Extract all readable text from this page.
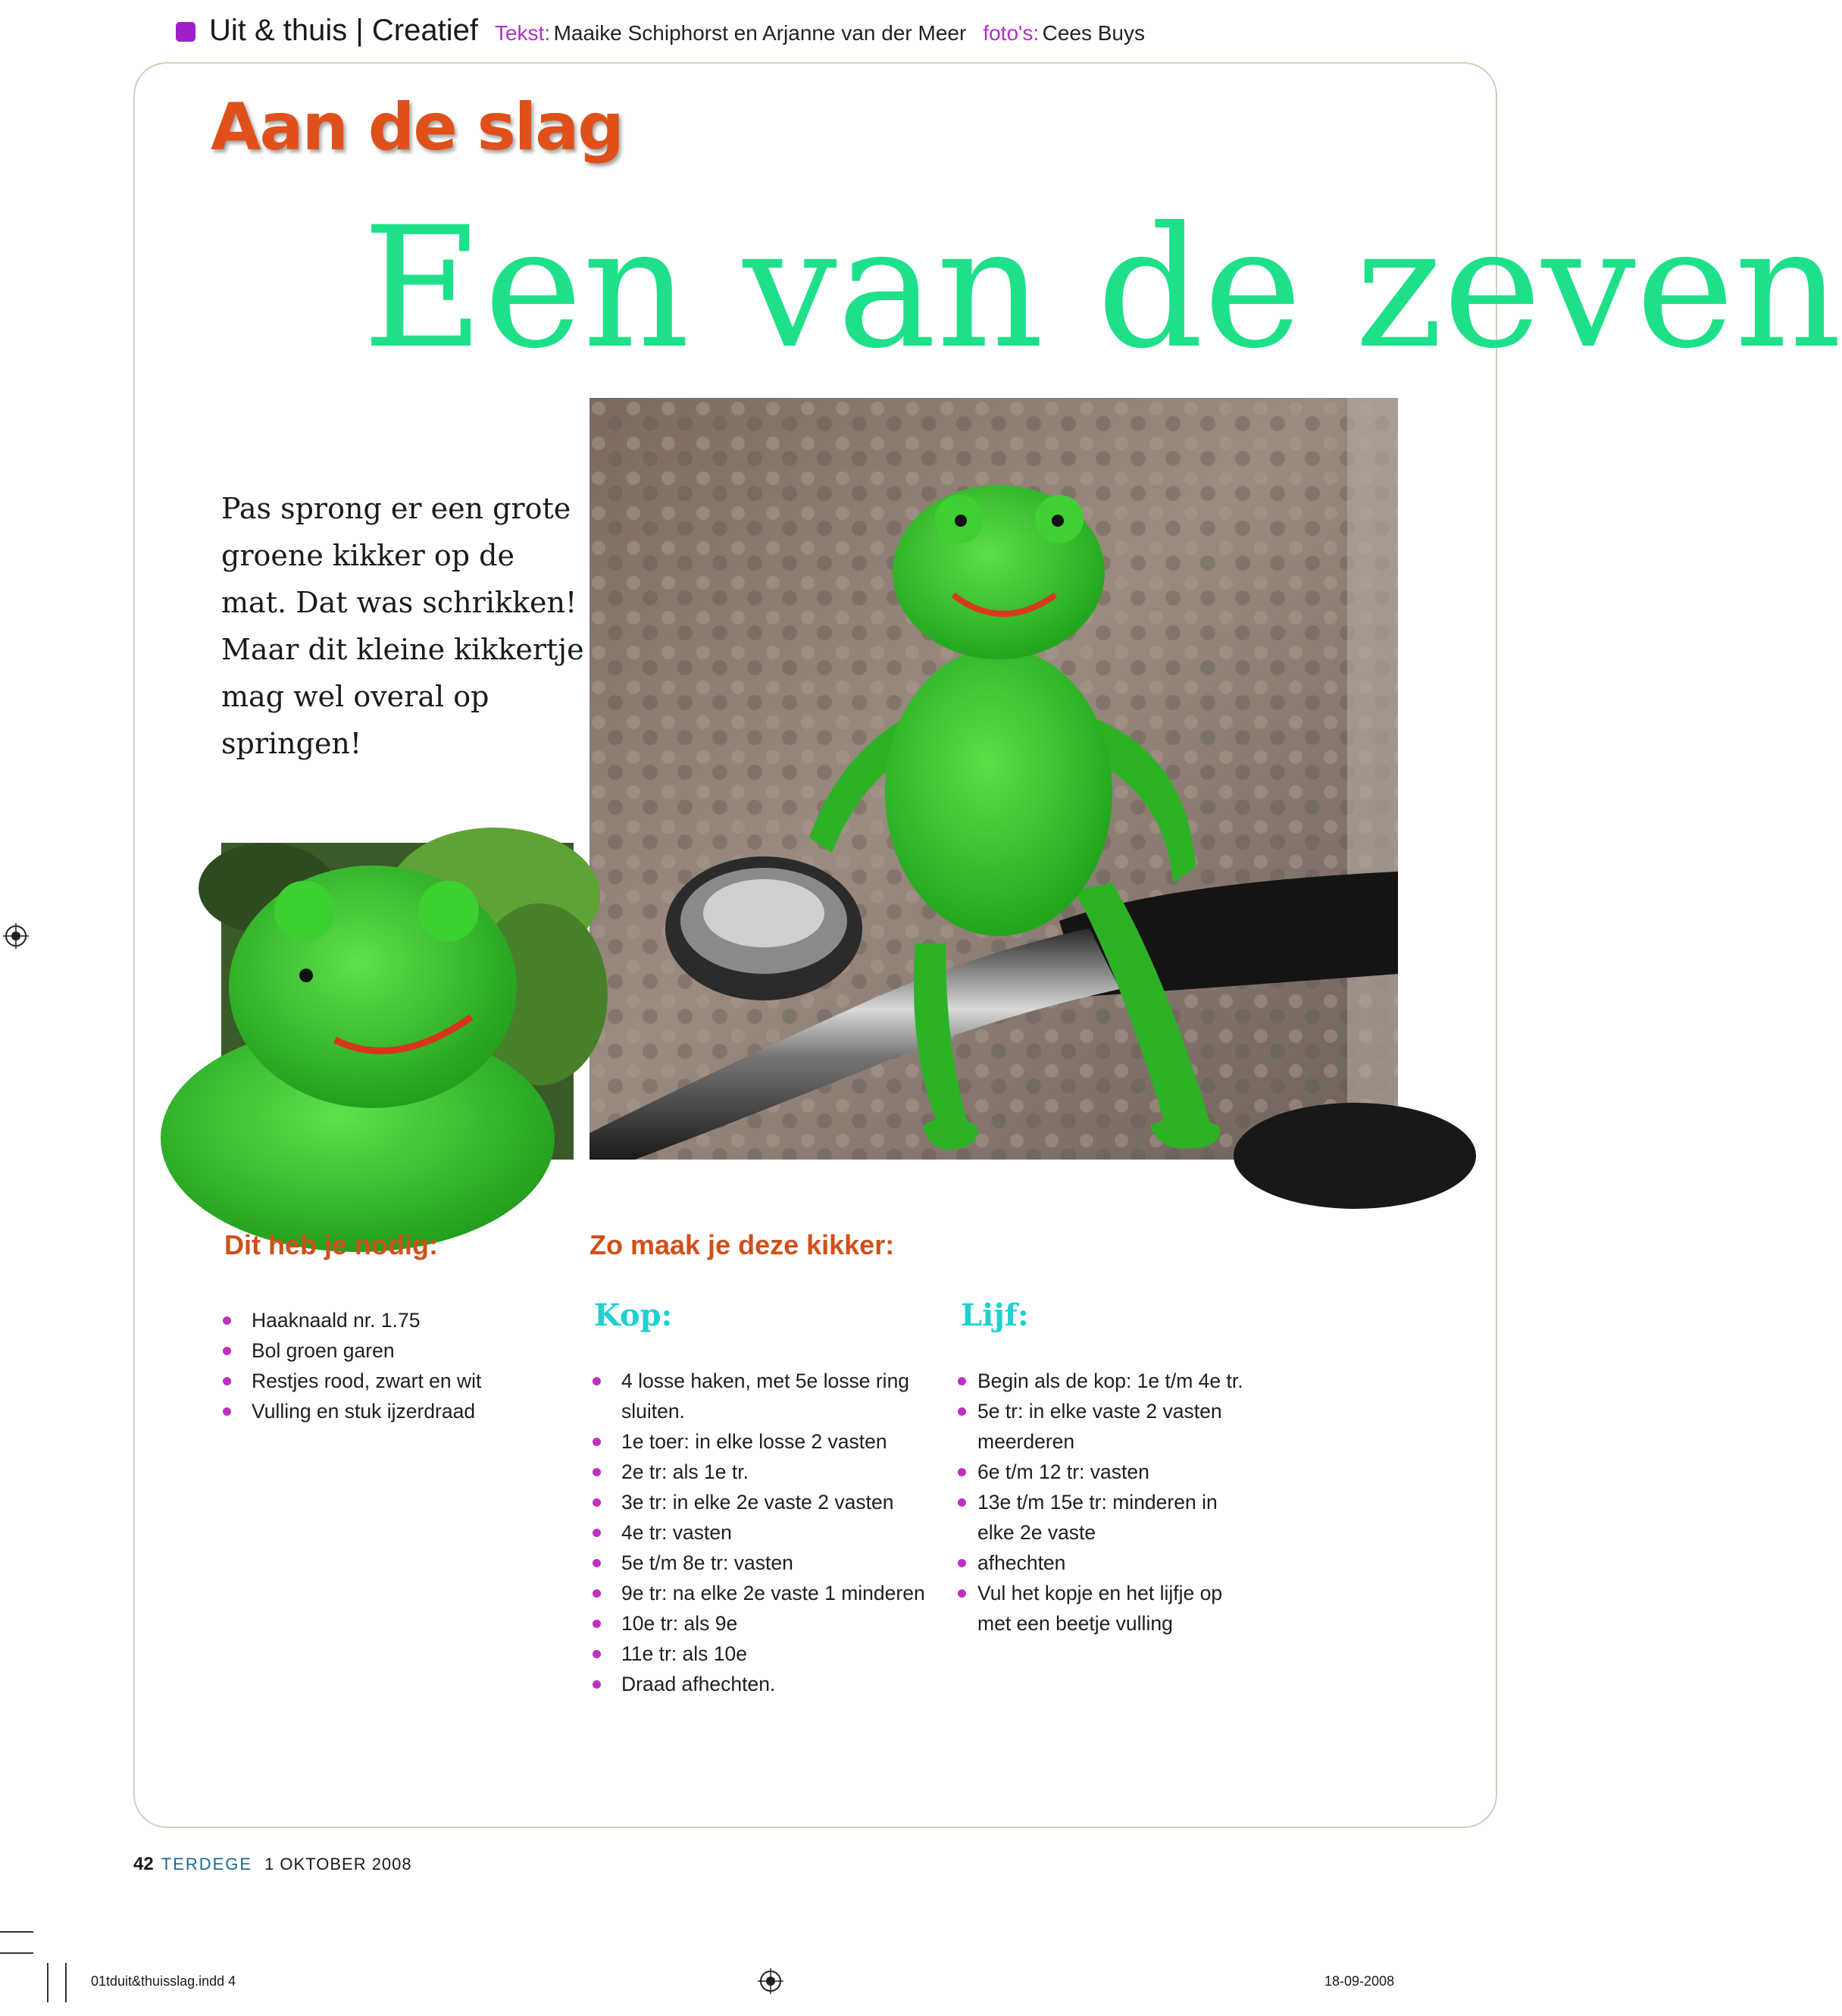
Uit & thuis | Creatief Tekst: Maaike Schiphorst en Arjanne van der Meer foto's: Cees Buys
Aan de slag
Een van de zeven
Pas sprong er een grote groene kikker op de mat. Dat was schrikken! Maar dit kleine kikkertje mag wel overal op springen!
Dit heb je nodig:
Haaknaald nr. 1.75
Bol groen garen
Restjes rood, zwart en wit
Vulling en stuk ijzerdraad
Zo maak je deze kikker:
Kop:
4 losse haken, met 5e losse ring sluiten.
1e toer: in elke losse 2 vasten
2e tr: als 1e tr.
3e tr: in elke 2e vaste 2 vasten
4e tr: vasten
5e t/m 8e tr: vasten
9e tr: na elke 2e vaste 1 minderen
10e tr: als 9e
11e tr: als 10e
Draad afhechten.
Lijf:
Begin als de kop: 1e t/m 4e tr.
5e tr: in elke vaste 2 vasten meerderen
6e t/m 12 tr: vasten
13e t/m 15e tr: minderen in elke 2e vaste
afhechten
Vul het kopje en het lijfje op met een beetje vulling
42 TERDEGE 1 OKTOBER 2008
01tduit&thuisslag.indd 4	18-09-2008
